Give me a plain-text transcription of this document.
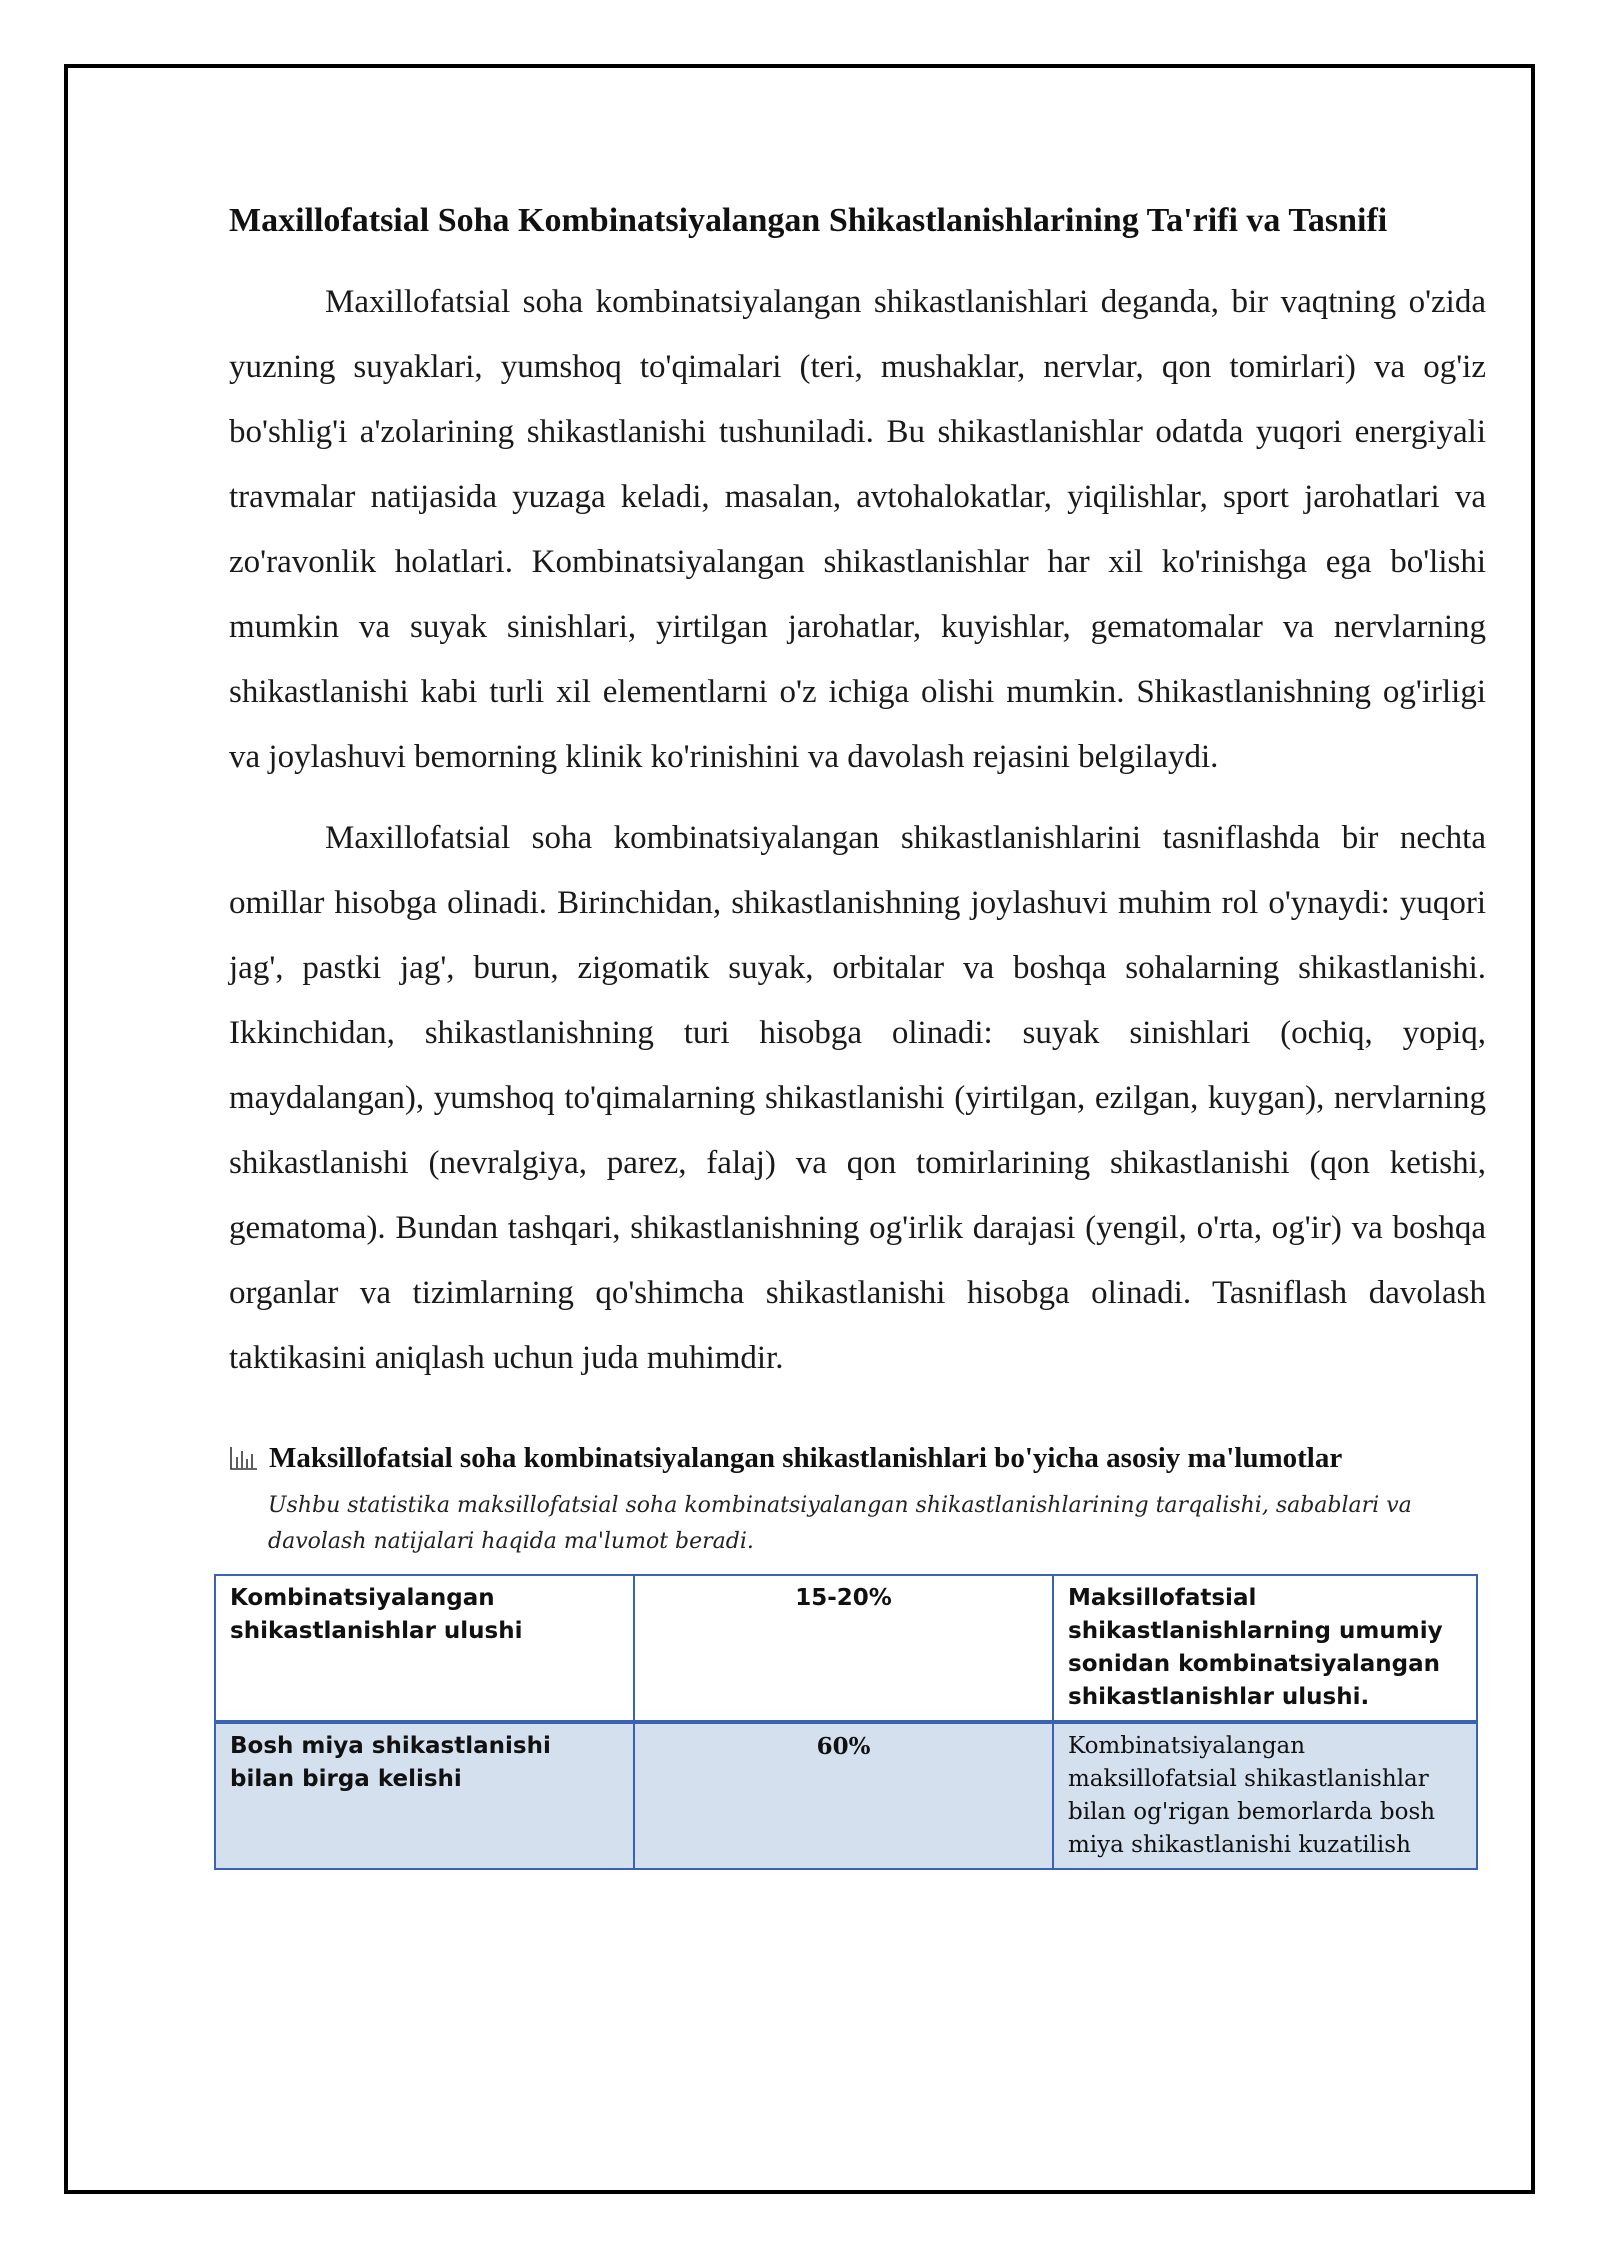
Maxillofatsial Soha Kombinatsiyalangan Shikastlanishlarining Ta'rifi va Tasnifi

Maxillofatsial soha kombinatsiyalangan shikastlanishlari deganda, bir vaqtning o'zida yuzning suyaklari, yumshoq to'qimalari (teri, mushaklar, nervlar, qon tomirlari) va og'iz bo'shlig'i a'zolarining shikastlanishi tushuniladi. Bu shikastlanishlar odatda yuqori energiyali travmalar natijasida yuzaga keladi, masalan, avtohalokatlar, yiqilishlar, sport jarohatlari va zo'ravonlik holatlari. Kombinatsiyalangan shikastlanishlar har xil ko'rinishga ega bo'lishi mumkin va suyak sinishlari, yirtilgan jarohatlar, kuyishlar, gematomalar va nervlarning shikastlanishi kabi turli xil elementlarni o'z ichiga olishi mumkin. Shikastlanishning og'irligi va joylashuvi bemorning klinik ko'rinishini va davolash rejasini belgilaydi.

Maxillofatsial soha kombinatsiyalangan shikastlanishlarini tasniflashda bir nechta omillar hisobga olinadi. Birinchidan, shikastlanishning joylashuvi muhim rol o'ynaydi: yuqori jag', pastki jag', burun, zigomatik suyak, orbitalar va boshqa sohalarning shikastlanishi. Ikkinchidan, shikastlanishning turi hisobga olinadi: suyak sinishlari (ochiq, yopiq, maydalangan), yumshoq to'qimalarning shikastlanishi (yirtilgan, ezilgan, kuygan), nervlarning shikastlanishi (nevralgiya, parez, falaj) va qon tomirlarining shikastlanishi (qon ketishi, gematoma). Bundan tashqari, shikastlanishning og'irlik darajasi (yengil, o'rta, og'ir) va boshqa organlar va tizimlarning qo'shimcha shikastlanishi hisobga olinadi. Tasniflash davolash taktikasini aniqlash uchun juda muhimdir.

Maksillofatsial soha kombinatsiyalangan shikastlanishlari bo'yicha asosiy ma'lumotlar
Ushbu statistika maksillofatsial soha kombinatsiyalangan shikastlanishlarining tarqalishi, sabablari va davolash natijalari haqida ma'lumot beradi.
Kombinatsiyalangan shikastlanishlar ulushi	15-20%	Maksillofatsial shikastlanishlarning umumiy sonidan kombinatsiyalangan shikastlanishlar ulushi.
Bosh miya shikastlanishi bilan birga kelishi	60%	Kombinatsiyalangan maksillofatsial shikastlanishlar bilan og'rigan bemorlarda bosh miya shikastlanishi kuzatilish
